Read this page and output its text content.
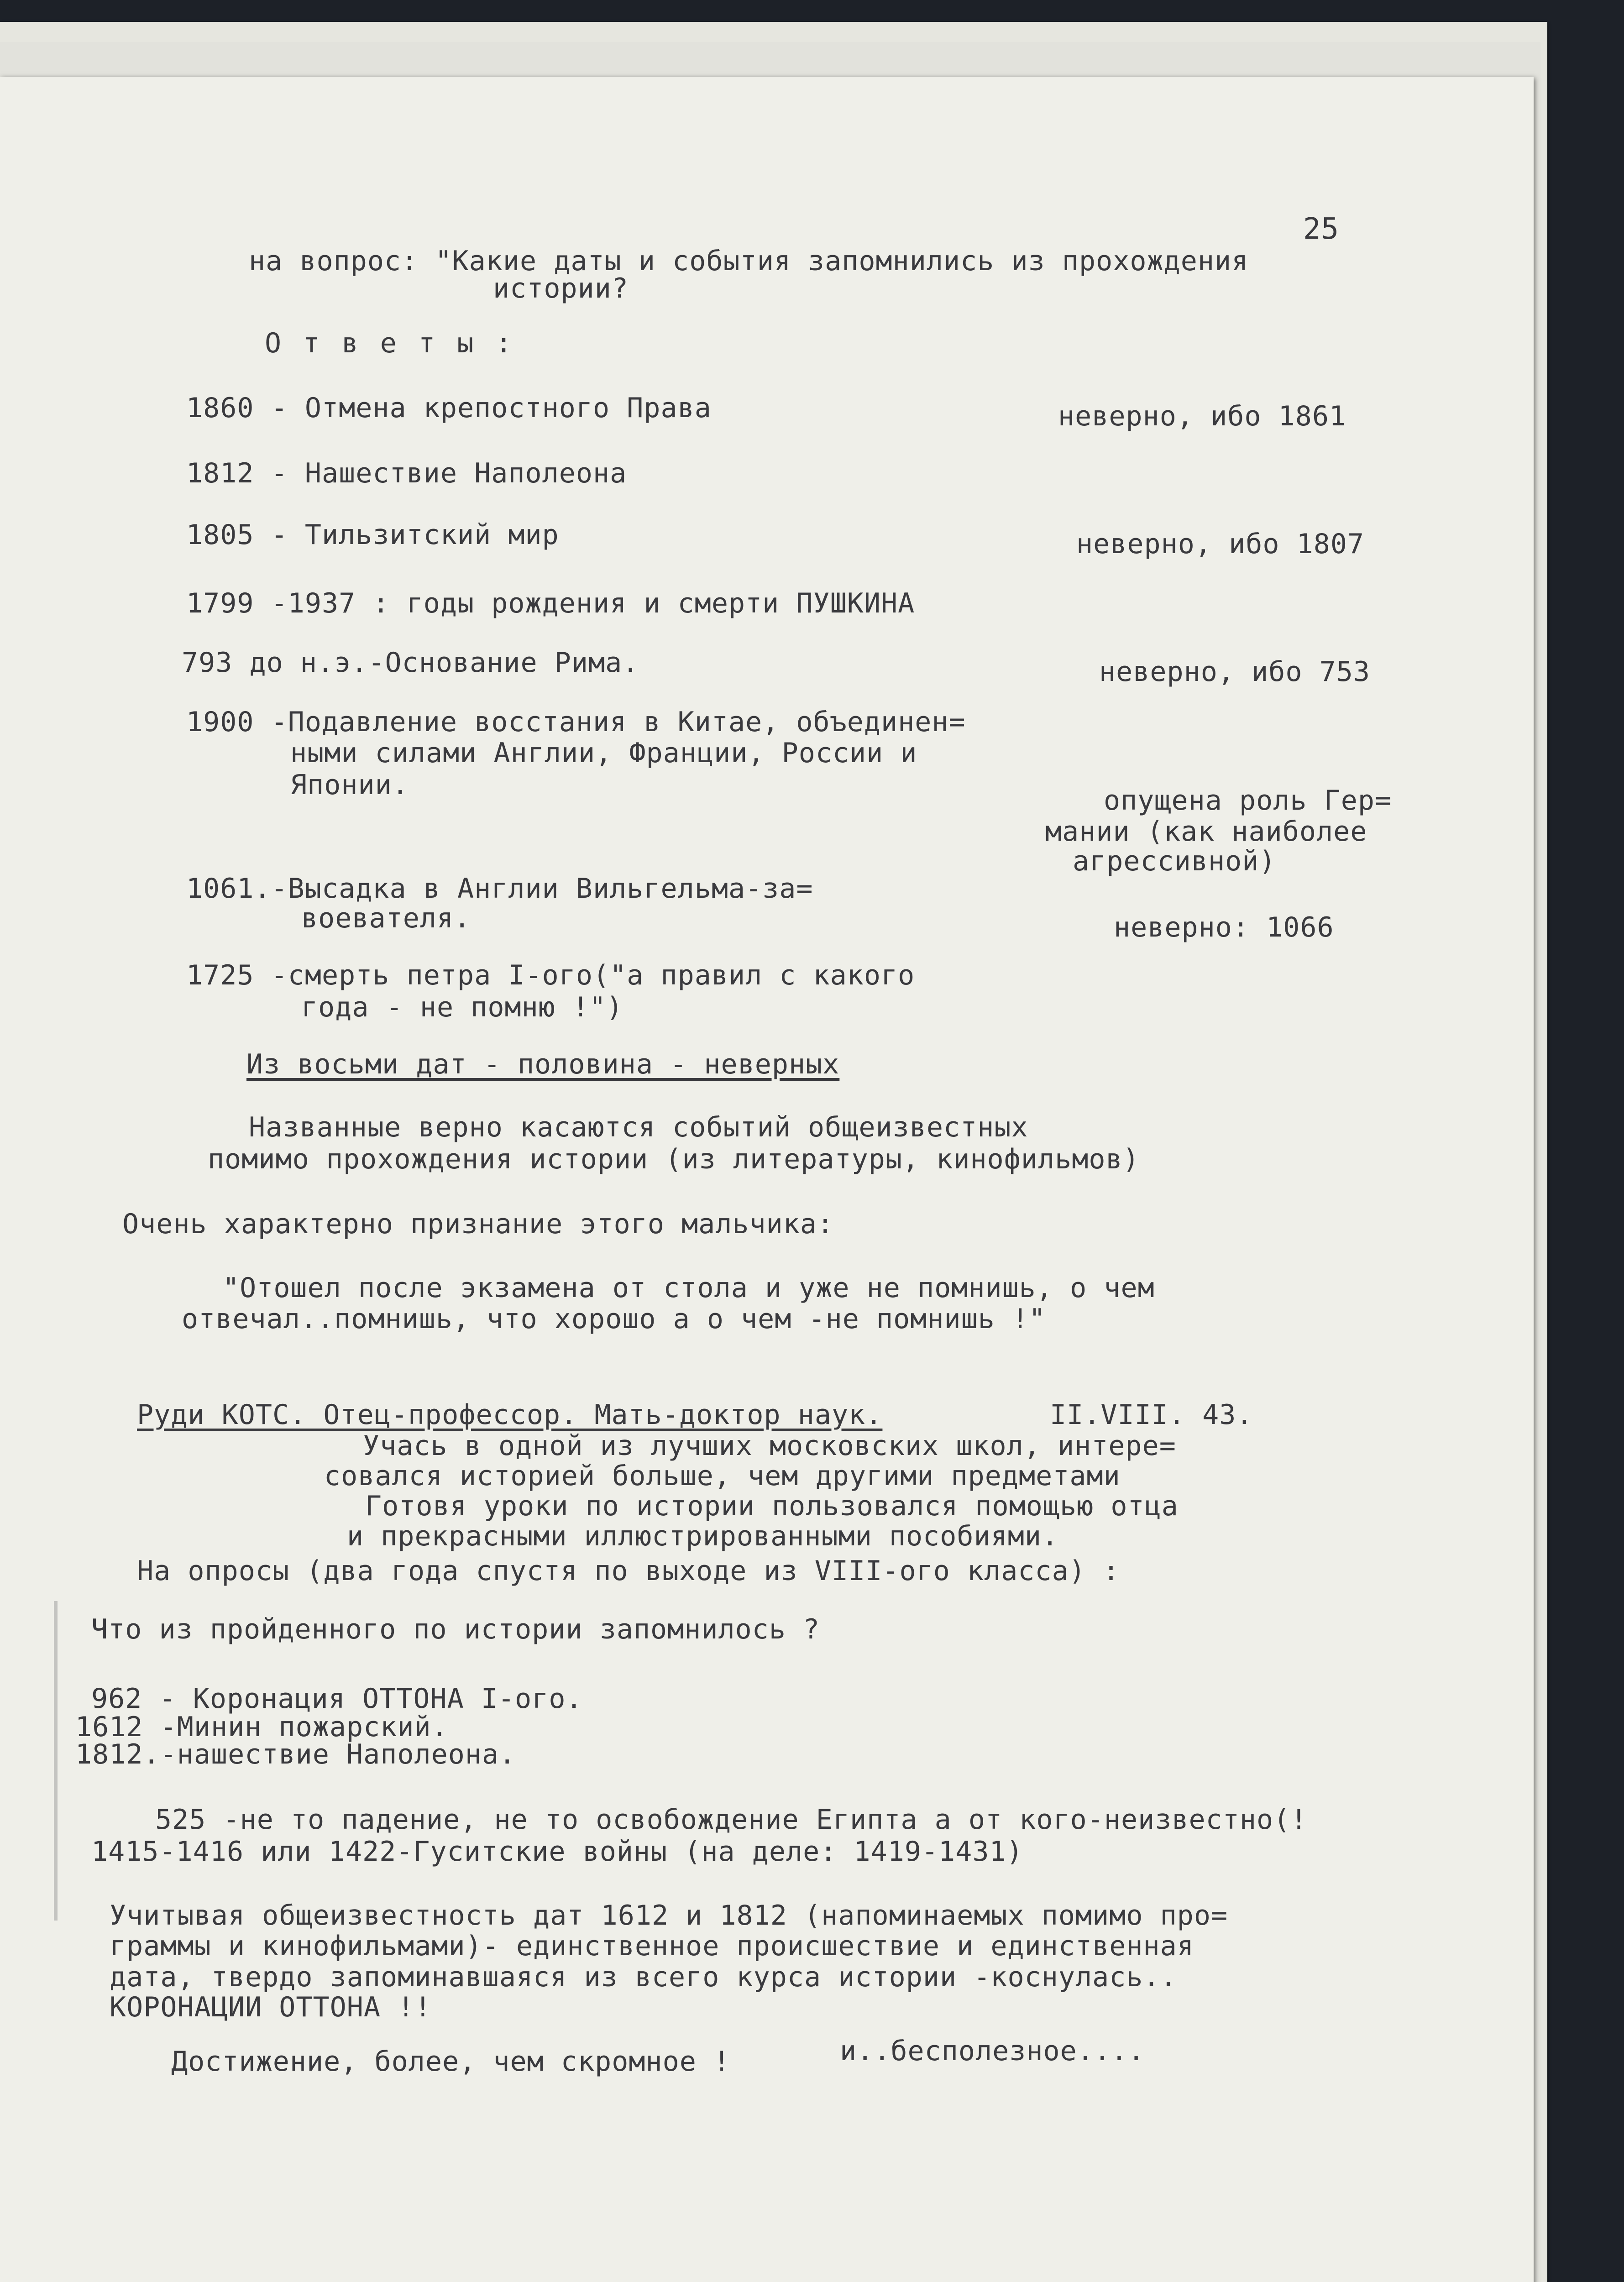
25
на вопрос: "Какие даты и события запомнились из прохождения
истории?
О т в е т ы :
1860 - Отмена крепостного Права	неверно, ибо 1861
1812 - Нашествие Наполеона
1805 - Тильзитский мир	неверно, ибо 1807
1799 -1937 : годы рождения и смерти ПУШКИНА
793 до н.э.-Основание Рима.	неверно, ибо 753
1900 -Подавление восстания в Китае, объединен=
ными силами Англии, Франции, России и
Японии.	опущена роль Гер=
мании (как наиболее
агрессивной)
1061.-Высадка в Англии Вильгельма-за=
воевателя.	неверно: 1066
1725 -смерть петра I-ого("а правил с какого
года - не помню !")
Из восьми дат - половина - неверных
Названные верно касаются событий общеизвестных
помимо прохождения истории (из литературы, кинофильмов)
Очень характерно признание этого мальчика:
"Отошел после экзамена от стола и уже не помнишь, о чем
отвечал..помнишь, что хорошо а о чем -не помнишь !"
Руди КОТС. Отец-профессор. Мать-доктор наук.	II.VIII. 43.
Учась в одной из лучших московских школ, интере=
совался историей больше, чем другими предметами
Готовя уроки по истории пользовался помощью отца
и прекрасными иллюстрированными пособиями.
На опросы (два года спустя по выходе из VIII-ого класса) :
Что из пройденного по истории запомнилось ?
962 - Коронация ОТТОНА I-ого.
1612 -Минин пожарский.
1812.-нашествие Наполеона.
525 -не то падение, не то освобождение Египта а от кого-неизвестно(!
1415-1416 или 1422-Гуситские войны (на деле: 1419-1431)
Учитывая общеизвестность дат 1612 и 1812 (напоминаемых помимо про=
граммы и кинофильмами)- единственное происшествие и единственная
дата, твердо запоминавшаяся из всего курса истории -коснулась..
КОРОНАЦИИ ОТТОНА !!
Достижение, более, чем скромное !	и..бесполезное....
